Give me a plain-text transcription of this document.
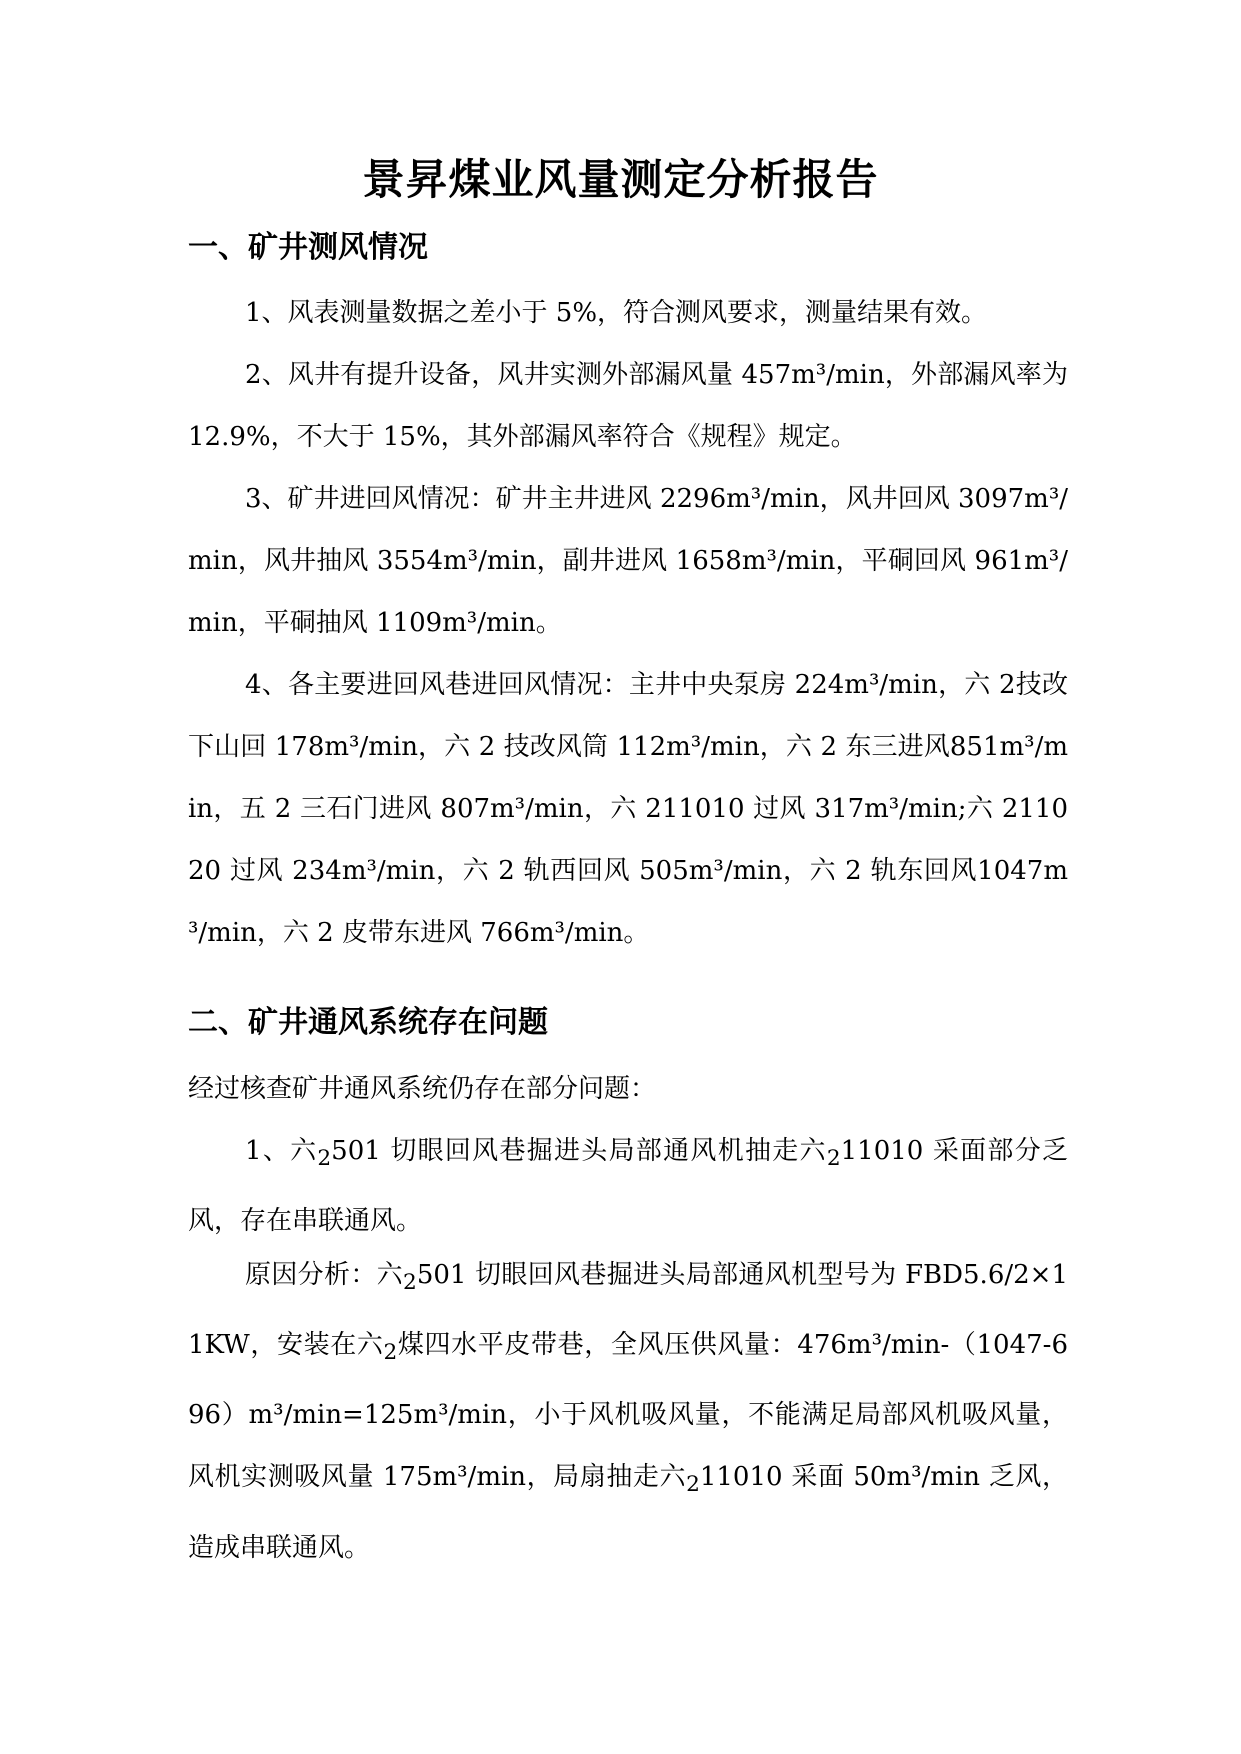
景昇煤业风量测定分析报告
一、矿井测风情况
1、风表测量数据之差小于 5%，符合测风要求，测量结果有效。
2、风井有提升设备，风井实测外部漏风量 457m³/min，外部漏风率为 12.9%，不大于 15%，其外部漏风率符合《规程》规定。
3、矿井进回风情况：矿井主井进风 2296m³/min，风井回风 3097m³/min，风井抽风 3554m³/min，副井进风 1658m³/min，平硐回风 961m³/min，平硐抽风 1109m³/min。
4、各主要进回风巷进回风情况：主井中央泵房 224m³/min，六 2技改下山回 178m³/min，六 2 技改风筒 112m³/min，六 2 东三进风851m³/min，五 2 三石门进风 807m³/min，六 211010 过风 317m³/min;六 211020 过风 234m³/min，六 2 轨西回风 505m³/min，六 2 轨东回风1047m³/min，六 2 皮带东进风 766m³/min。
二、矿井通风系统存在问题
经过核查矿井通风系统仍存在部分问题：
1、六$_2$501 切眼回风巷掘进头局部通风机抽走六$_2$11010 采面部分乏风，存在串联通风。
原因分析：六$_2$501 切眼回风巷掘进头局部通风机型号为 FBD5.6/2×11KW，安装在六$_2$煤四水平皮带巷，全风压供风量：476m³/min-（1047-696）m³/min=125m³/min，小于风机吸风量，不能满足局部风机吸风量，风机实测吸风量 175m³/min，局扇抽走六$_2$11010 采面 50m³/min 乏风，造成串联通风。
